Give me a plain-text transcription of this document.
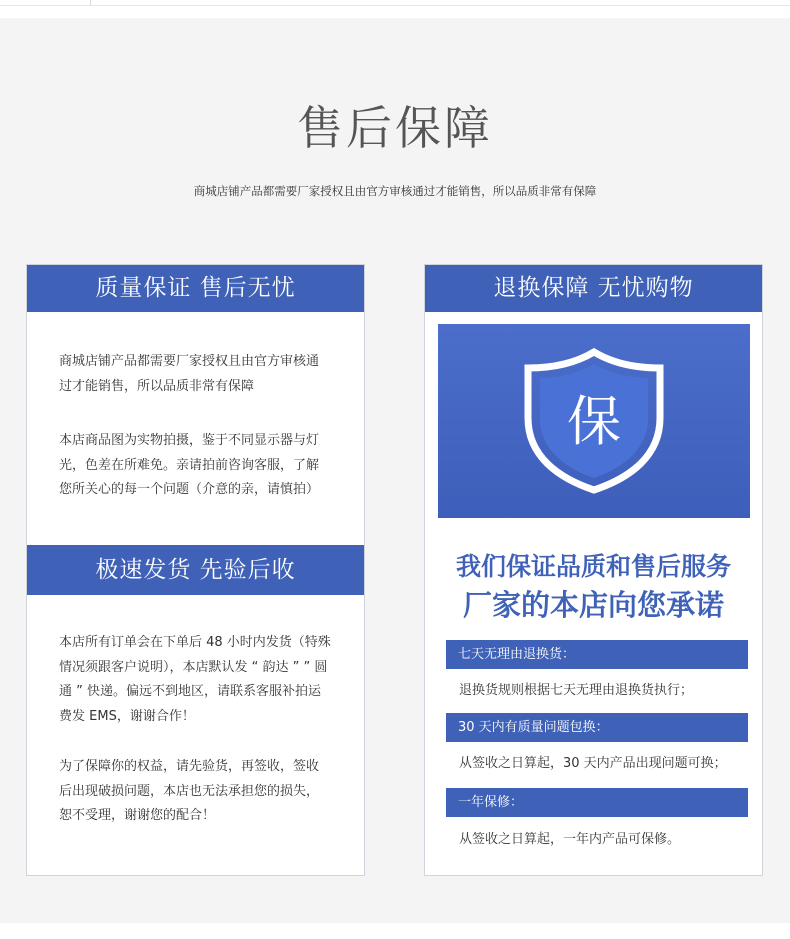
售后保障
商城店铺产品都需要厂家授权且由官方审核通过才能销售，所以品质非常有保障
质量保证 售后无忧
商城店铺产品都需要厂家授权且由官方审核通
过才能销售，所以品质非常有保障
本店商品图为实物拍摄，鉴于不同显示器与灯
光，色差在所难免。亲请拍前咨询客服，了解
您所关心的每一个问题（介意的亲，请慎拍）
极速发货 先验后收
本店所有订单会在下单后 48 小时内发货（特殊
情况须跟客户说明），本店默认发 “ 韵达 ” ” 圆
通 ” 快递。偏远不到地区，请联系客服补拍运
费发 EMS，谢谢合作！
为了保障你的权益，请先验货，再签收，签收
后出现破损问题，本店也无法承担您的损失，
恕不受理，谢谢您的配合！
退换保障 无忧购物
保
我们保证品质和售后服务
厂家的本店向您承诺
七天无理由退换货：
退换货规则根据七天无理由退换货执行；
30 天内有质量问题包换：
从签收之日算起，30 天内产品出现问题可换；
一年保修：
从签收之日算起，一年内产品可保修。
